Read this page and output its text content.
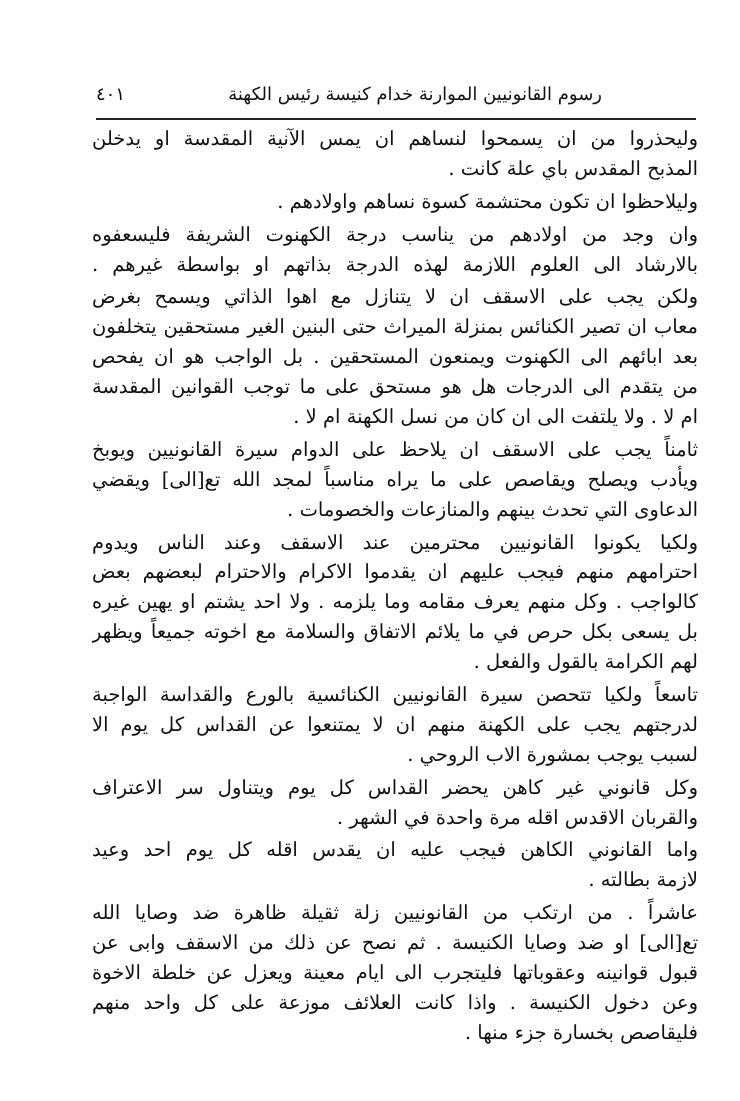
رسوم القانونيين الموارنة خدام كنيسة رئيس الكهنة
٤٠١
وليحذروا من ان يسمحوا لنساهم ان يمس الآنية المقدسة او يدخلن
المذبح المقدس باي علة كانت .
وليلاحظوا ان تكون محتشمة كسوة نساهم واولادهم .
وان وجد من اولادهم من يناسب درجة الكهنوت الشريفة فليسعفوه
بالارشاد الى العلوم اللازمة لهذه الدرجة بذاتهم او بواسطة غيرهم .
ولكن يجب على الاسقف ان لا يتنازل مع اهوا الذاتي ويسمح بغرض
معاب ان تصير الكنائس بمنزلة الميراث حتى البنين الغير مستحقين يتخلفون
بعد ابائهم الى الكهنوت ويمنعون المستحقين . بل الواجب هو ان يفحص
من يتقدم الى الدرجات هل هو مستحق على ما توجب القوانين المقدسة
ام لا . ولا يلتفت الى ان كان من نسل الكهنة ام لا .
ثامناً يجب على الاسقف ان يلاحظ على الدوام سيرة القانونيين ويوبخ
ويأدب ويصلح ويقاصص على ما يراه مناسباً لمجد الله تع[الى] ويقضي
الدعاوى التي تحدث بينهم والمنازعات والخصومات .
ولكيا يكونوا القانونيين محترمين عند الاسقف وعند الناس ويدوم
احترامهم منهم فيجب عليهم ان يقدموا الاكرام والاحترام لبعضهم بعض
كالواجب . وكل منهم يعرف مقامه وما يلزمه . ولا احد يشتم او يهين غيره
بل يسعى بكل حرص في ما يلائم الاتفاق والسلامة مع اخوته جميعاً ويظهر
لهم الكرامة بالقول والفعل .
تاسعاً ولكيا تتحصن سيرة القانونيين الكنائسية بالورع والقداسة الواجبة
لدرجتهم يجب على الكهنة منهم ان لا يمتنعوا عن القداس كل يوم الا
لسبب يوجب بمشورة الاب الروحي .
وكل قانوني غير كاهن يحضر القداس كل يوم ويتناول سر الاعتراف
والقربان الاقدس اقله مرة واحدة في الشهر .
واما القانوني الكاهن فيجب عليه ان يقدس اقله كل يوم احد وعيد
لازمة بطالته .
عاشراً . من ارتكب من القانونيين زلة ثقيلة ظاهرة ضد وصايا الله
تع[الى] او ضد وصايا الكنيسة . ثم نصح عن ذلك من الاسقف وابى عن
قبول قوانينه وعقوباتها فليتجرب الى ايام معينة ويعزل عن خلطة الاخوة
وعن دخول الكنيسة . واذا كانت العلائف موزعة على كل واحد منهم
فليقاصص بخسارة جزء منها .
